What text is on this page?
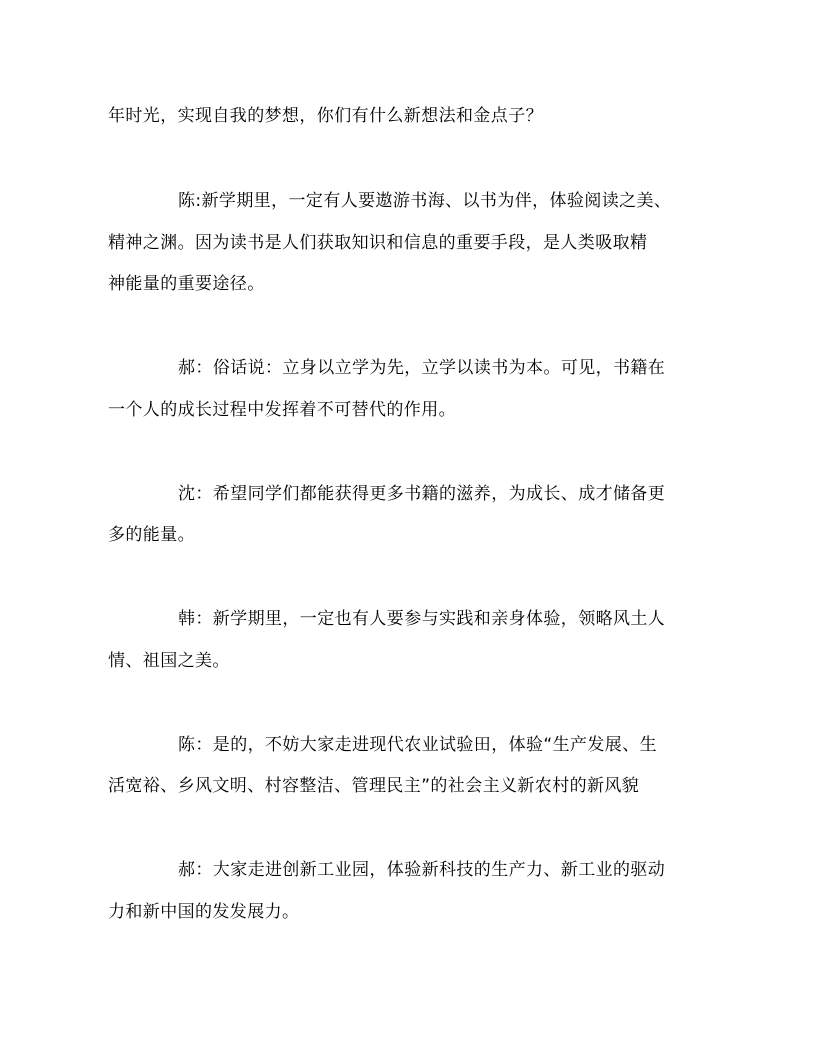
年时光，实现自我的梦想，你们有什么新想法和金点子？
陈:新学期里，一定有人要遨游书海、以书为伴，体验阅读之美、
精神之渊。因为读书是人们获取知识和信息的重要手段，是人类吸取精
神能量的重要途径。
郝：俗话说：立身以立学为先，立学以读书为本。可见，书籍在
一个人的成长过程中发挥着不可替代的作用。
沈：希望同学们都能获得更多书籍的滋养，为成长、成才储备更
多的能量。
韩：新学期里，一定也有人要参与实践和亲身体验，领略风土人
情、祖国之美。
陈：是的，不妨大家走进现代农业试验田，体验“生产发展、生
活宽裕、乡风文明、村容整洁、管理民主”的社会主义新农村的新风貌
郝：大家走进创新工业园，体验新科技的生产力、新工业的驱动
力和新中国的发发展力。
